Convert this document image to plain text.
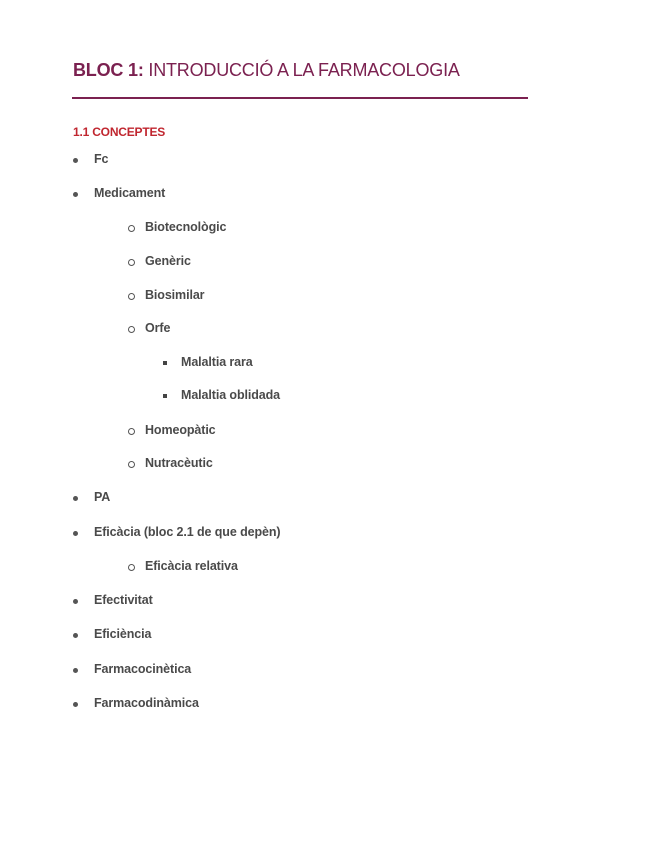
BLOC 1: INTRODUCCIÓ A LA FARMACOLOGIA
1.1 CONCEPTES
Fc
Medicament
Biotecnològic
Genèric
Biosimilar
Orfe
Malaltia rara
Malaltia oblidada
Homeopàtic
Nutracèutic
PA
Eficàcia (bloc 2.1 de que depèn)
Eficàcia relativa
Efectivitat
Eficiència
Farmacocinètica
Farmacodinàmica
